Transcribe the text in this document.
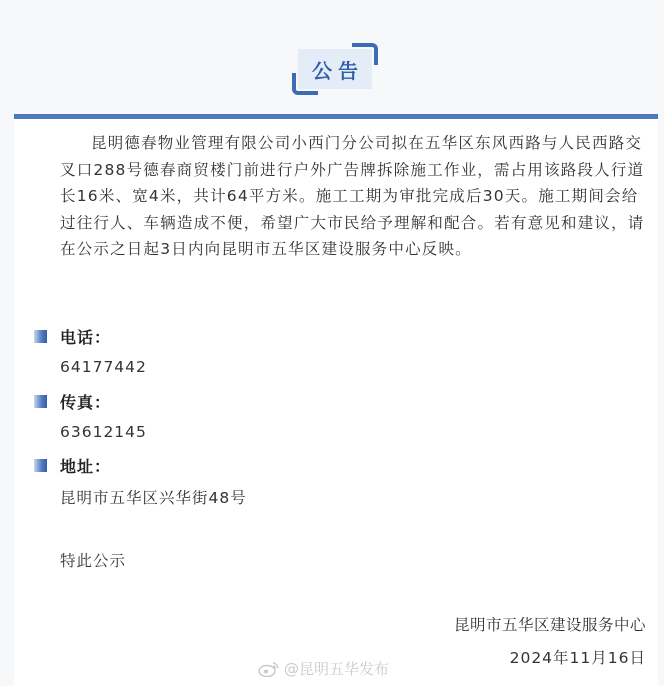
公告

昆明德春物业管理有限公司小西门分公司拟在五华区东风西路与人民西路交叉口288号德春商贸楼门前进行户外广告牌拆除施工作业，需占用该路段人行道长16米、宽4米，共计64平方米。施工工期为审批完成后30天。施工期间会给过往行人、车辆造成不便，希望广大市民给予理解和配合。若有意见和建议，请在公示之日起3日内向昆明市五华区建设服务中心反映。

电话：
64177442
传真：
63612145
地址：
昆明市五华区兴华街48号
特此公示
昆明市五华区建设服务中心
2024年11月16日
@昆明五华发布
